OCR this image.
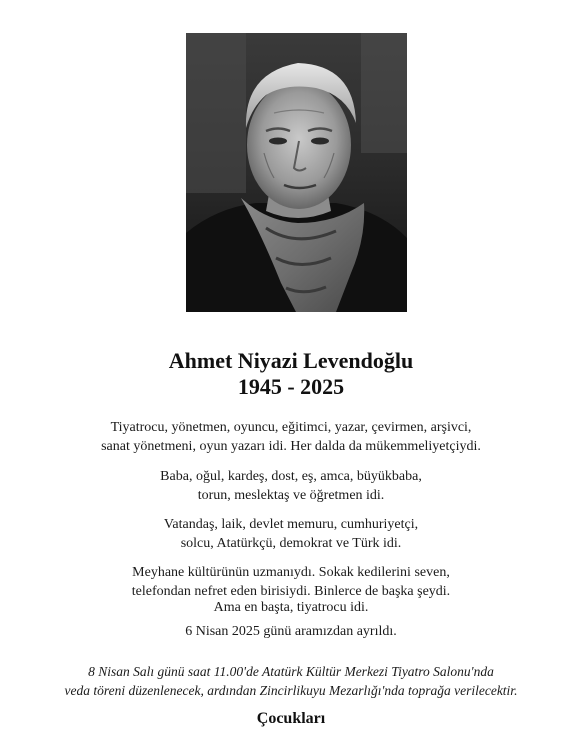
Ahmet Niyazi Levendoğlu
1945 - 2025
Tiyatrocu, yönetmen, oyuncu, eğitimci, yazar, çevirmen, arşivci,
sanat yönetmeni, oyun yazarı idi. Her dalda da mükemmeliyetçiydi.
Baba, oğul, kardeş, dost, eş, amca, büyükbaba,
torun, meslektaş ve öğretmen idi.
Vatandaş, laik, devlet memuru, cumhuriyetçi,
solcu, Atatürkçü, demokrat ve Türk idi.
Meyhane kültürünün uzmanıydı. Sokak kedilerini seven,
telefondan nefret eden birisiydi. Binlerce de başka şeydi.
Ama en başta, tiyatrocu idi.
6 Nisan 2025 günü aramızdan ayrıldı.
8 Nisan Salı günü saat 11.00'de Atatürk Kültür Merkezi Tiyatro Salonu'nda
veda töreni düzenlenecek, ardından Zincirlikuyu Mezarlığı'nda toprağa verilecektir.
Çocukları
